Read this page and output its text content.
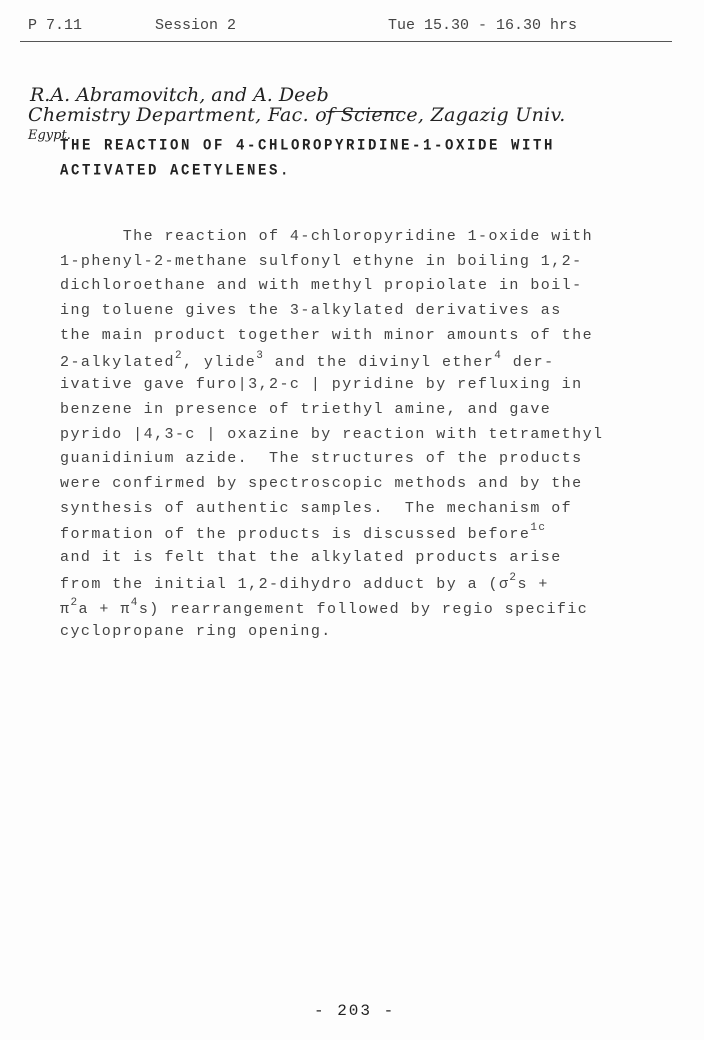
P 7.11	Session 2	Tue 15.30 - 16.30 hrs
R.A. Abramovitch, and A. Deeb
Chemistry Department, Fac. of Science, Zagazig Univ.
Egypt.
THE REACTION OF 4-CHLOROPYRIDINE-1-OXIDE WITH
ACTIVATED ACETYLENES.
The reaction of 4-chloropyridine 1-oxide with
1-phenyl-2-methane sulfonyl ethyne in boiling 1,2-
dichloroethane and with methyl propiolate in boil-
ing toluene gives the 3-alkylated derivatives as
the main product together with minor amounts of the
2-alkylated$^2$, ylide$^3$ and the divinyl ether$^4$ der-
ivative gave furo|3,2-c | pyridine by refluxing in
benzene in presence of triethyl amine, and gave
pyrido |4,3-c | oxazine by reaction with tetramethyl
guanidinium azide.  The structures of the products
were confirmed by spectroscopic methods and by the
synthesis of authentic samples.  The mechanism of
formation of the products is discussed before$^{1c}$
and it is felt that the alkylated products arise
from the initial 1,2-dihydro adduct by a ($\sigma^2s$ +
$\pi^2a + \pi^4s$) rearrangement followed by regio specific
cyclopropane ring opening.
- 203 -
